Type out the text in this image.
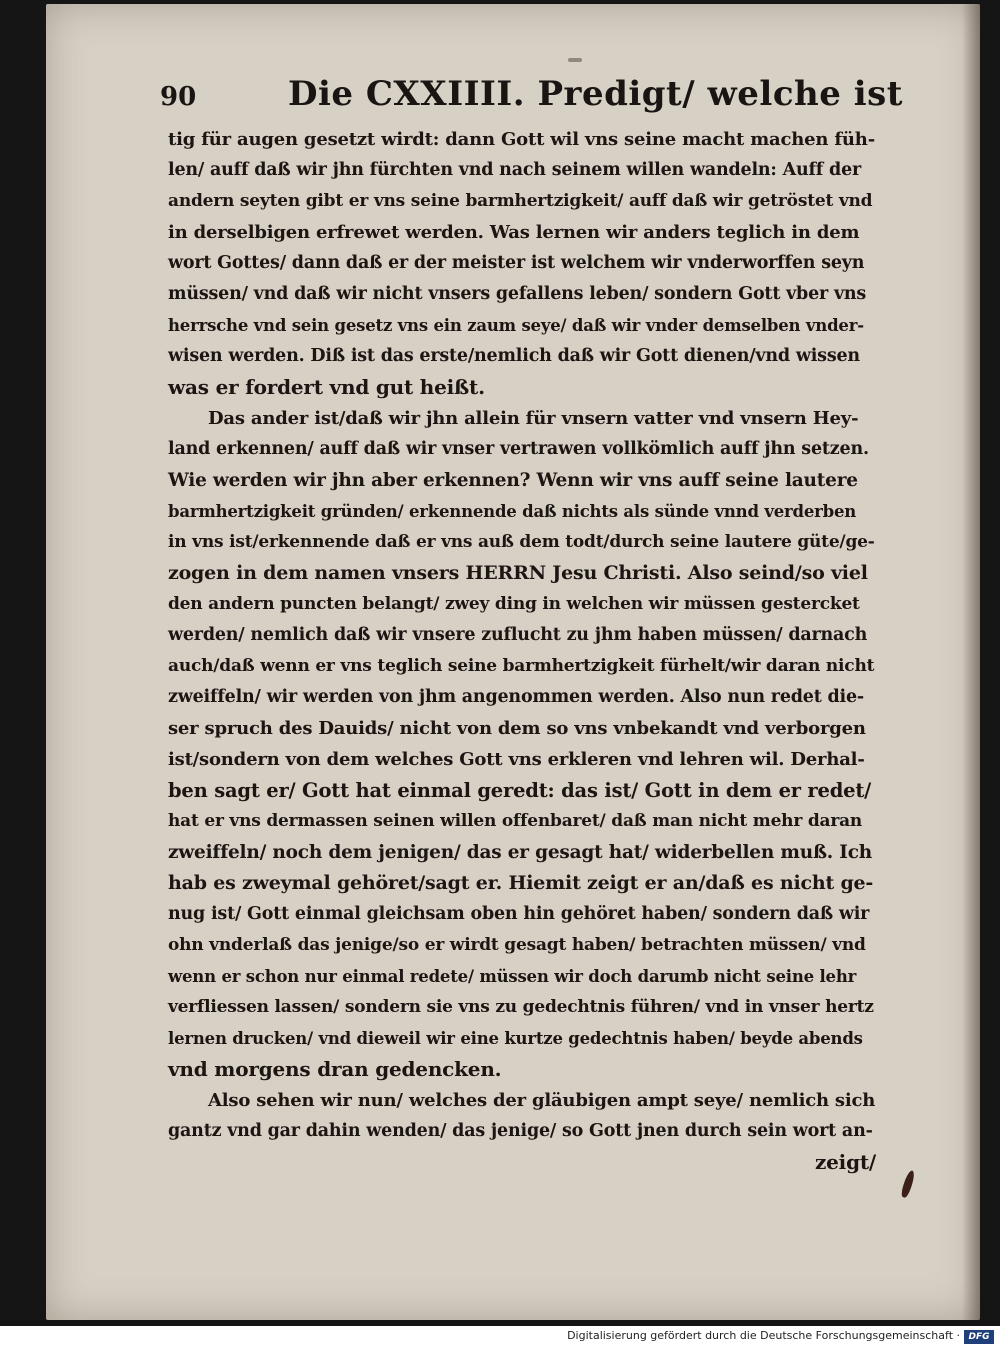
90	Die CXXIIII. Predigt/ welche ist
tig für augen gesetzt wirdt: dann Gott wil vns seine macht machen füh-
len/ auff daß wir jhn fürchten vnd nach seinem willen wandeln: Auff der
andern seyten gibt er vns seine barmhertzigkeit/ auff daß wir getröstet vnd
in derselbigen erfrewet werden. Was lernen wir anders teglich in dem
wort Gottes/ dann daß er der meister ist welchem wir vnderworffen seyn
müssen/ vnd daß wir nicht vnsers gefallens leben/ sondern Gott vber vns
herrsche vnd sein gesetz vns ein zaum seye/ daß wir vnder demselben vnder-
wisen werden. Diß ist das erste/nemlich daß wir Gott dienen/vnd wissen
was er fordert vnd gut heißt.
Das ander ist/daß wir jhn allein für vnsern vatter vnd vnsern Hey-
land erkennen/ auff daß wir vnser vertrawen vollkömlich auff jhn setzen.
Wie werden wir jhn aber erkennen? Wenn wir vns auff seine lautere
barmhertzigkeit gründen/ erkennende daß nichts als sünde vnnd verderben
in vns ist/erkennende daß er vns auß dem todt/durch seine lautere güte/ge-
zogen in dem namen vnsers HERRN Jesu Christi. Also seind/so viel
den andern puncten belangt/ zwey ding in welchen wir müssen gestercket
werden/ nemlich daß wir vnsere zuflucht zu jhm haben müssen/ darnach
auch/daß wenn er vns teglich seine barmhertzigkeit fürhelt/wir daran nicht
zweiffeln/ wir werden von jhm angenommen werden. Also nun redet die-
ser spruch des Dauids/ nicht von dem so vns vnbekandt vnd verborgen
ist/sondern von dem welches Gott vns erkleren vnd lehren wil. Derhal-
ben sagt er/ Gott hat einmal geredt: das ist/ Gott in dem er redet/
hat er vns dermassen seinen willen offenbaret/ daß man nicht mehr daran
zweiffeln/ noch dem jenigen/ das er gesagt hat/ widerbellen muß. Ich
hab es zweymal gehöret/sagt er. Hiemit zeigt er an/daß es nicht ge-
nug ist/ Gott einmal gleichsam oben hin gehöret haben/ sondern daß wir
ohn vnderlaß das jenige/so er wirdt gesagt haben/ betrachten müssen/ vnd
wenn er schon nur einmal redete/ müssen wir doch darumb nicht seine lehr
verfliessen lassen/ sondern sie vns zu gedechtnis führen/ vnd in vnser hertz
lernen drucken/ vnd dieweil wir eine kurtze gedechtnis haben/ beyde abends
vnd morgens dran gedencken.
Also sehen wir nun/ welches der gläubigen ampt seye/ nemlich sich
gantz vnd gar dahin wenden/ das jenige/ so Gott jnen durch sein wort an-
zeigt/
Digitalisierung gefördert durch die Deutsche Forschungsgemeinschaft · DFG
